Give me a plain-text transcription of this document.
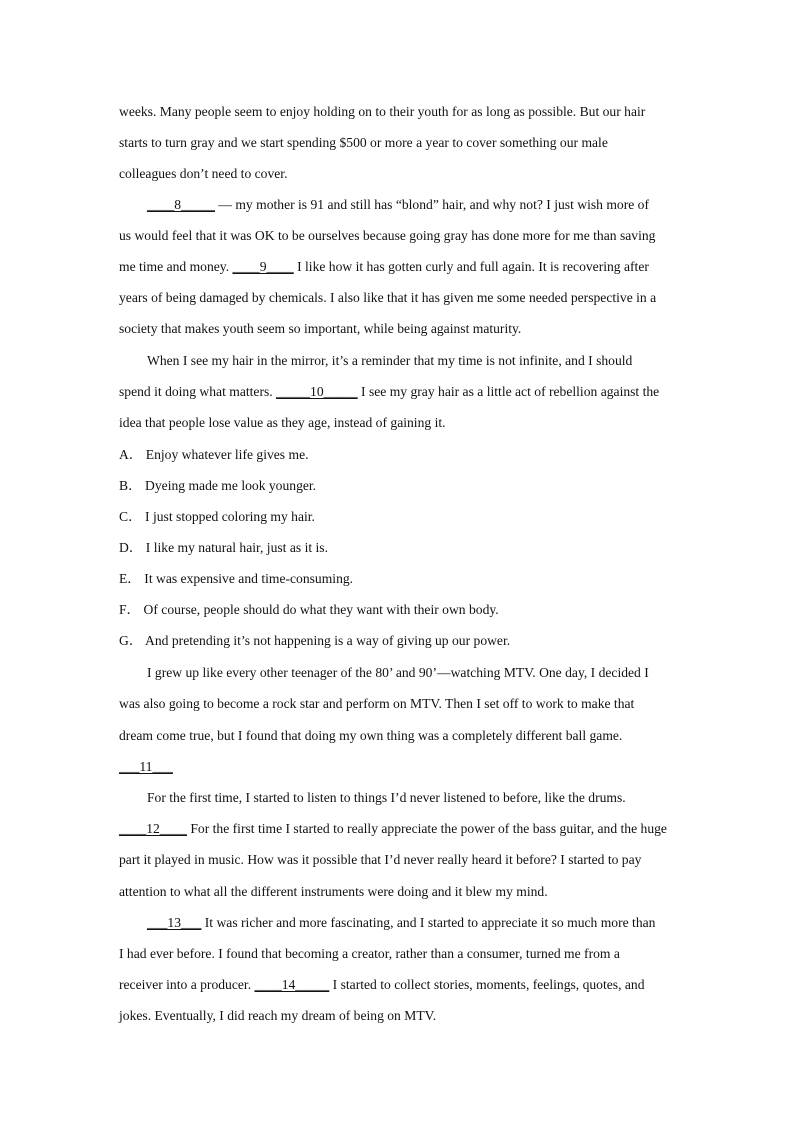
weeks. Many people seem to enjoy holding on to their youth for as long as possible. But our hair
starts to turn gray and we start spending $500 or more a year to cover something our male
colleagues don’t need to cover.
____8_____ — my mother is 91 and still has “blond” hair, and why not? I just wish more of
us would feel that it was OK to be ourselves because going gray has done more for me than saving
me time and money. ____9____ I like how it has gotten curly and full again. It is recovering after
years of being damaged by chemicals. I also like that it has given me some needed perspective in a
society that makes youth seem so important, while being against maturity.
When I see my hair in the mirror, it’s a reminder that my time is not infinite, and I should
spend it doing what matters. _____10_____ I see my gray hair as a little act of rebellion against the
idea that people lose value as they age, instead of gaining it.
A． Enjoy whatever life gives me.
B． Dyeing made me look younger.
C． I just stopped coloring my hair.
D． I like my natural hair, just as it is.
E． It was expensive and time-consuming.
F． Of course, people should do what they want with their own body.
G． And pretending it’s not happening is a way of giving up our power.
I grew up like every other teenager of the 80’ and 90’—watching MTV. One day, I decided I
was also going to become a rock star and perform on MTV. Then I set off to work to make that
dream come true, but I found that doing my own thing was a completely different ball game.
___11___
For the first time, I started to listen to things I’d never listened to before, like the drums.
____12____ For the first time I started to really appreciate the power of the bass guitar, and the huge
part it played in music. How was it possible that I’d never really heard it before? I started to pay
attention to what all the different instruments were doing and it blew my mind.
___13___ It was richer and more fascinating, and I started to appreciate it so much more than
I had ever before. I found that becoming a creator, rather than a consumer, turned me from a
receiver into a producer. ____14_____ I started to collect stories, moments, feelings, quotes, and
jokes. Eventually, I did reach my dream of being on MTV.
